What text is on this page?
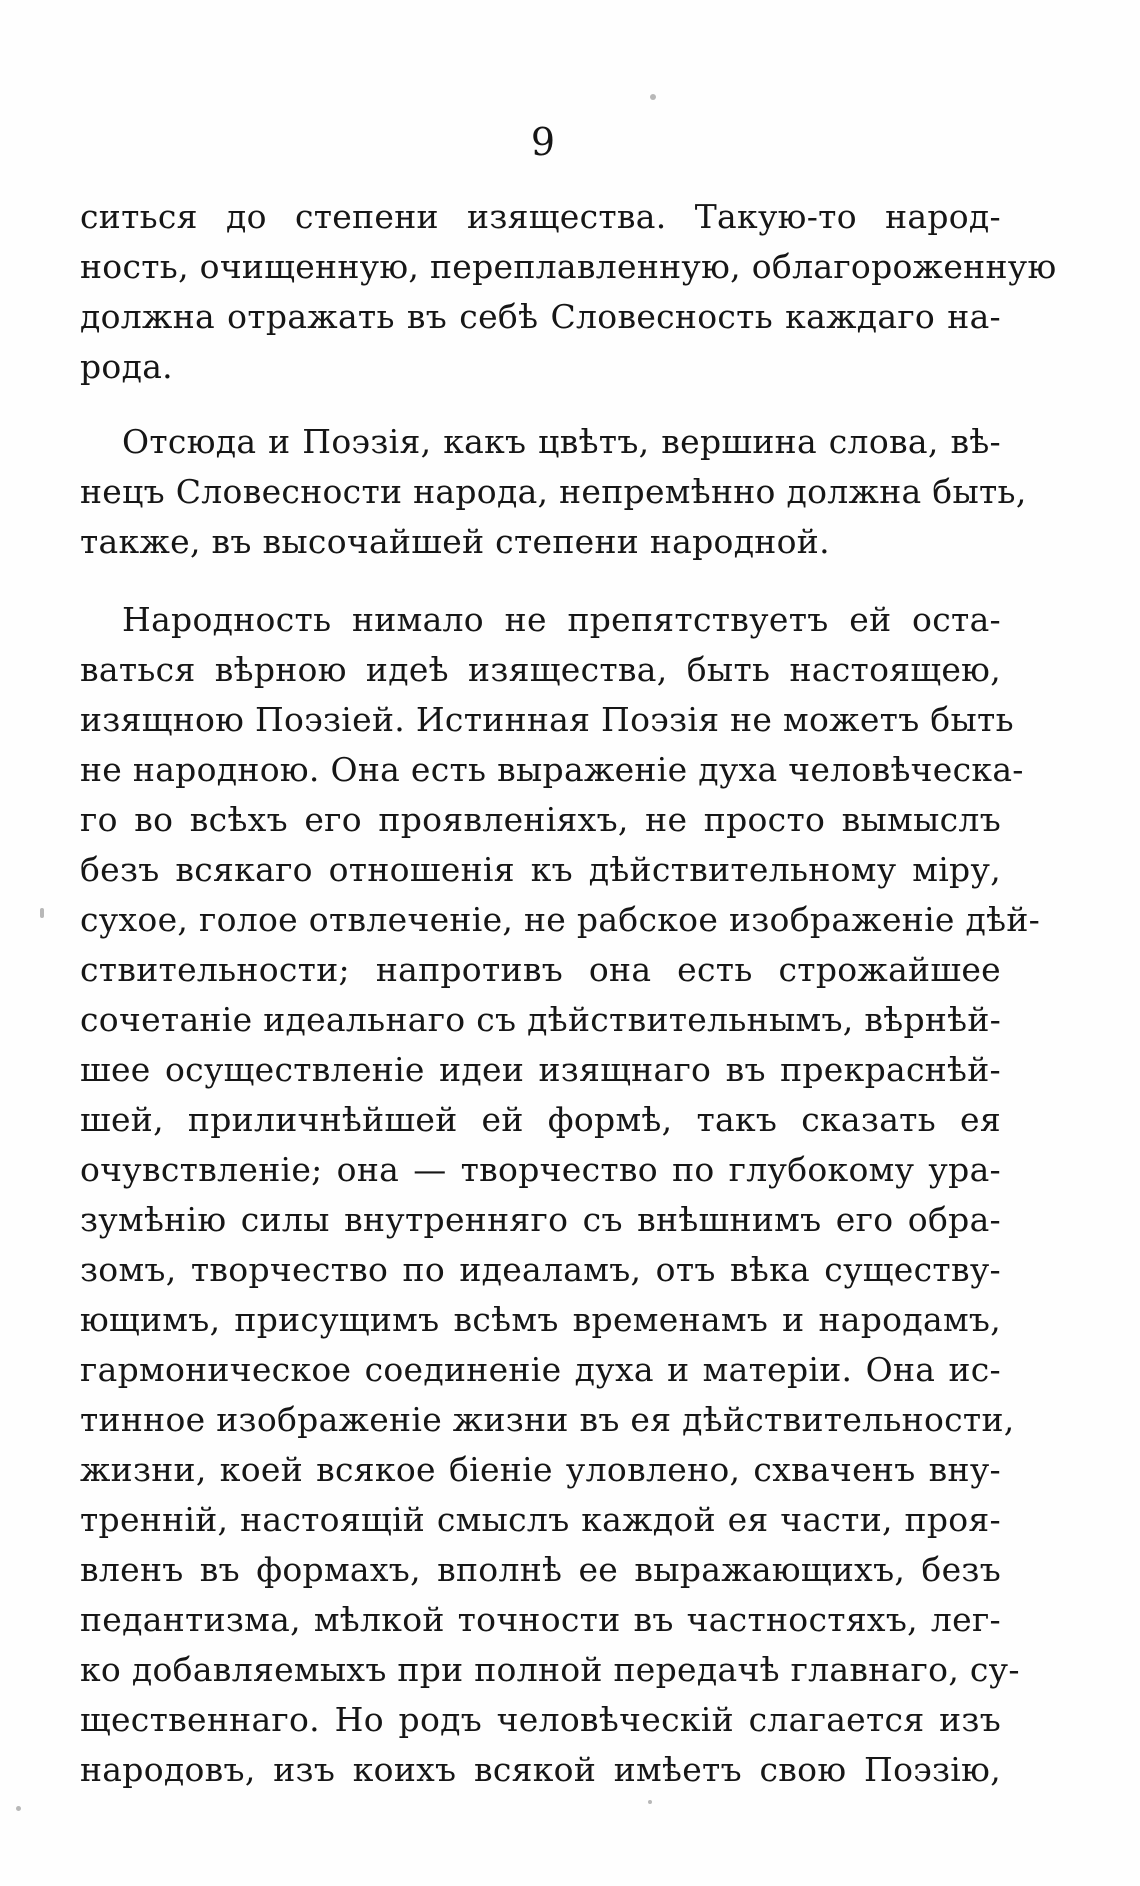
9
ситься до степени изящества. Такую-то народ-
ность, очищенную, переплавленную, облагороженную
должна отражать въ себѣ Словесность каждаго на-
рода.
Отсюда и Поэзія, какъ цвѣтъ, вершина слова, вѣ-
нецъ Словесности народа, непремѣнно должна быть,
также, въ высочайшей степени народной.
Народность нимало не препятствуетъ ей оста-
ваться вѣрною идеѣ изящества, быть настоящею,
изящною Поэзіей. Истинная Поэзія не можетъ быть
не народною. Она есть выраженіе духа человѣческа-
го во всѣхъ его проявленіяхъ, не просто вымыслъ
безъ всякаго отношенія къ дѣйствительному міру,
сухое, голое отвлеченіе, не рабское изображеніе дѣй-
ствительности; напротивъ она есть строжайшее
сочетаніе идеальнаго съ дѣйствительнымъ, вѣрнѣй-
шее осуществленіе идеи изящнаго въ прекраснѣй-
шей, приличнѣйшей ей формѣ, такъ сказать ея
очувствленіе; она — творчество по глубокому ура-
зумѣнію силы внутренняго съ внѣшнимъ его обра-
зомъ, творчество по идеаламъ, отъ вѣка существу-
ющимъ, присущимъ всѣмъ временамъ и народамъ,
гармоническое соединеніе духа и матеріи. Она ис-
тинное изображеніе жизни въ ея дѣйствительности,
жизни, коей всякое біеніе уловлено, схваченъ вну-
тренній, настоящій смыслъ каждой ея части, проя-
вленъ въ формахъ, вполнѣ ее выражающихъ, безъ
педантизма, мѣлкой точности въ частностяхъ, лег-
ко добавляемыхъ при полной передачѣ главнаго, су-
щественнаго. Но родъ человѣческій слагается изъ
народовъ, изъ коихъ всякой имѣетъ свою Поэзію,
